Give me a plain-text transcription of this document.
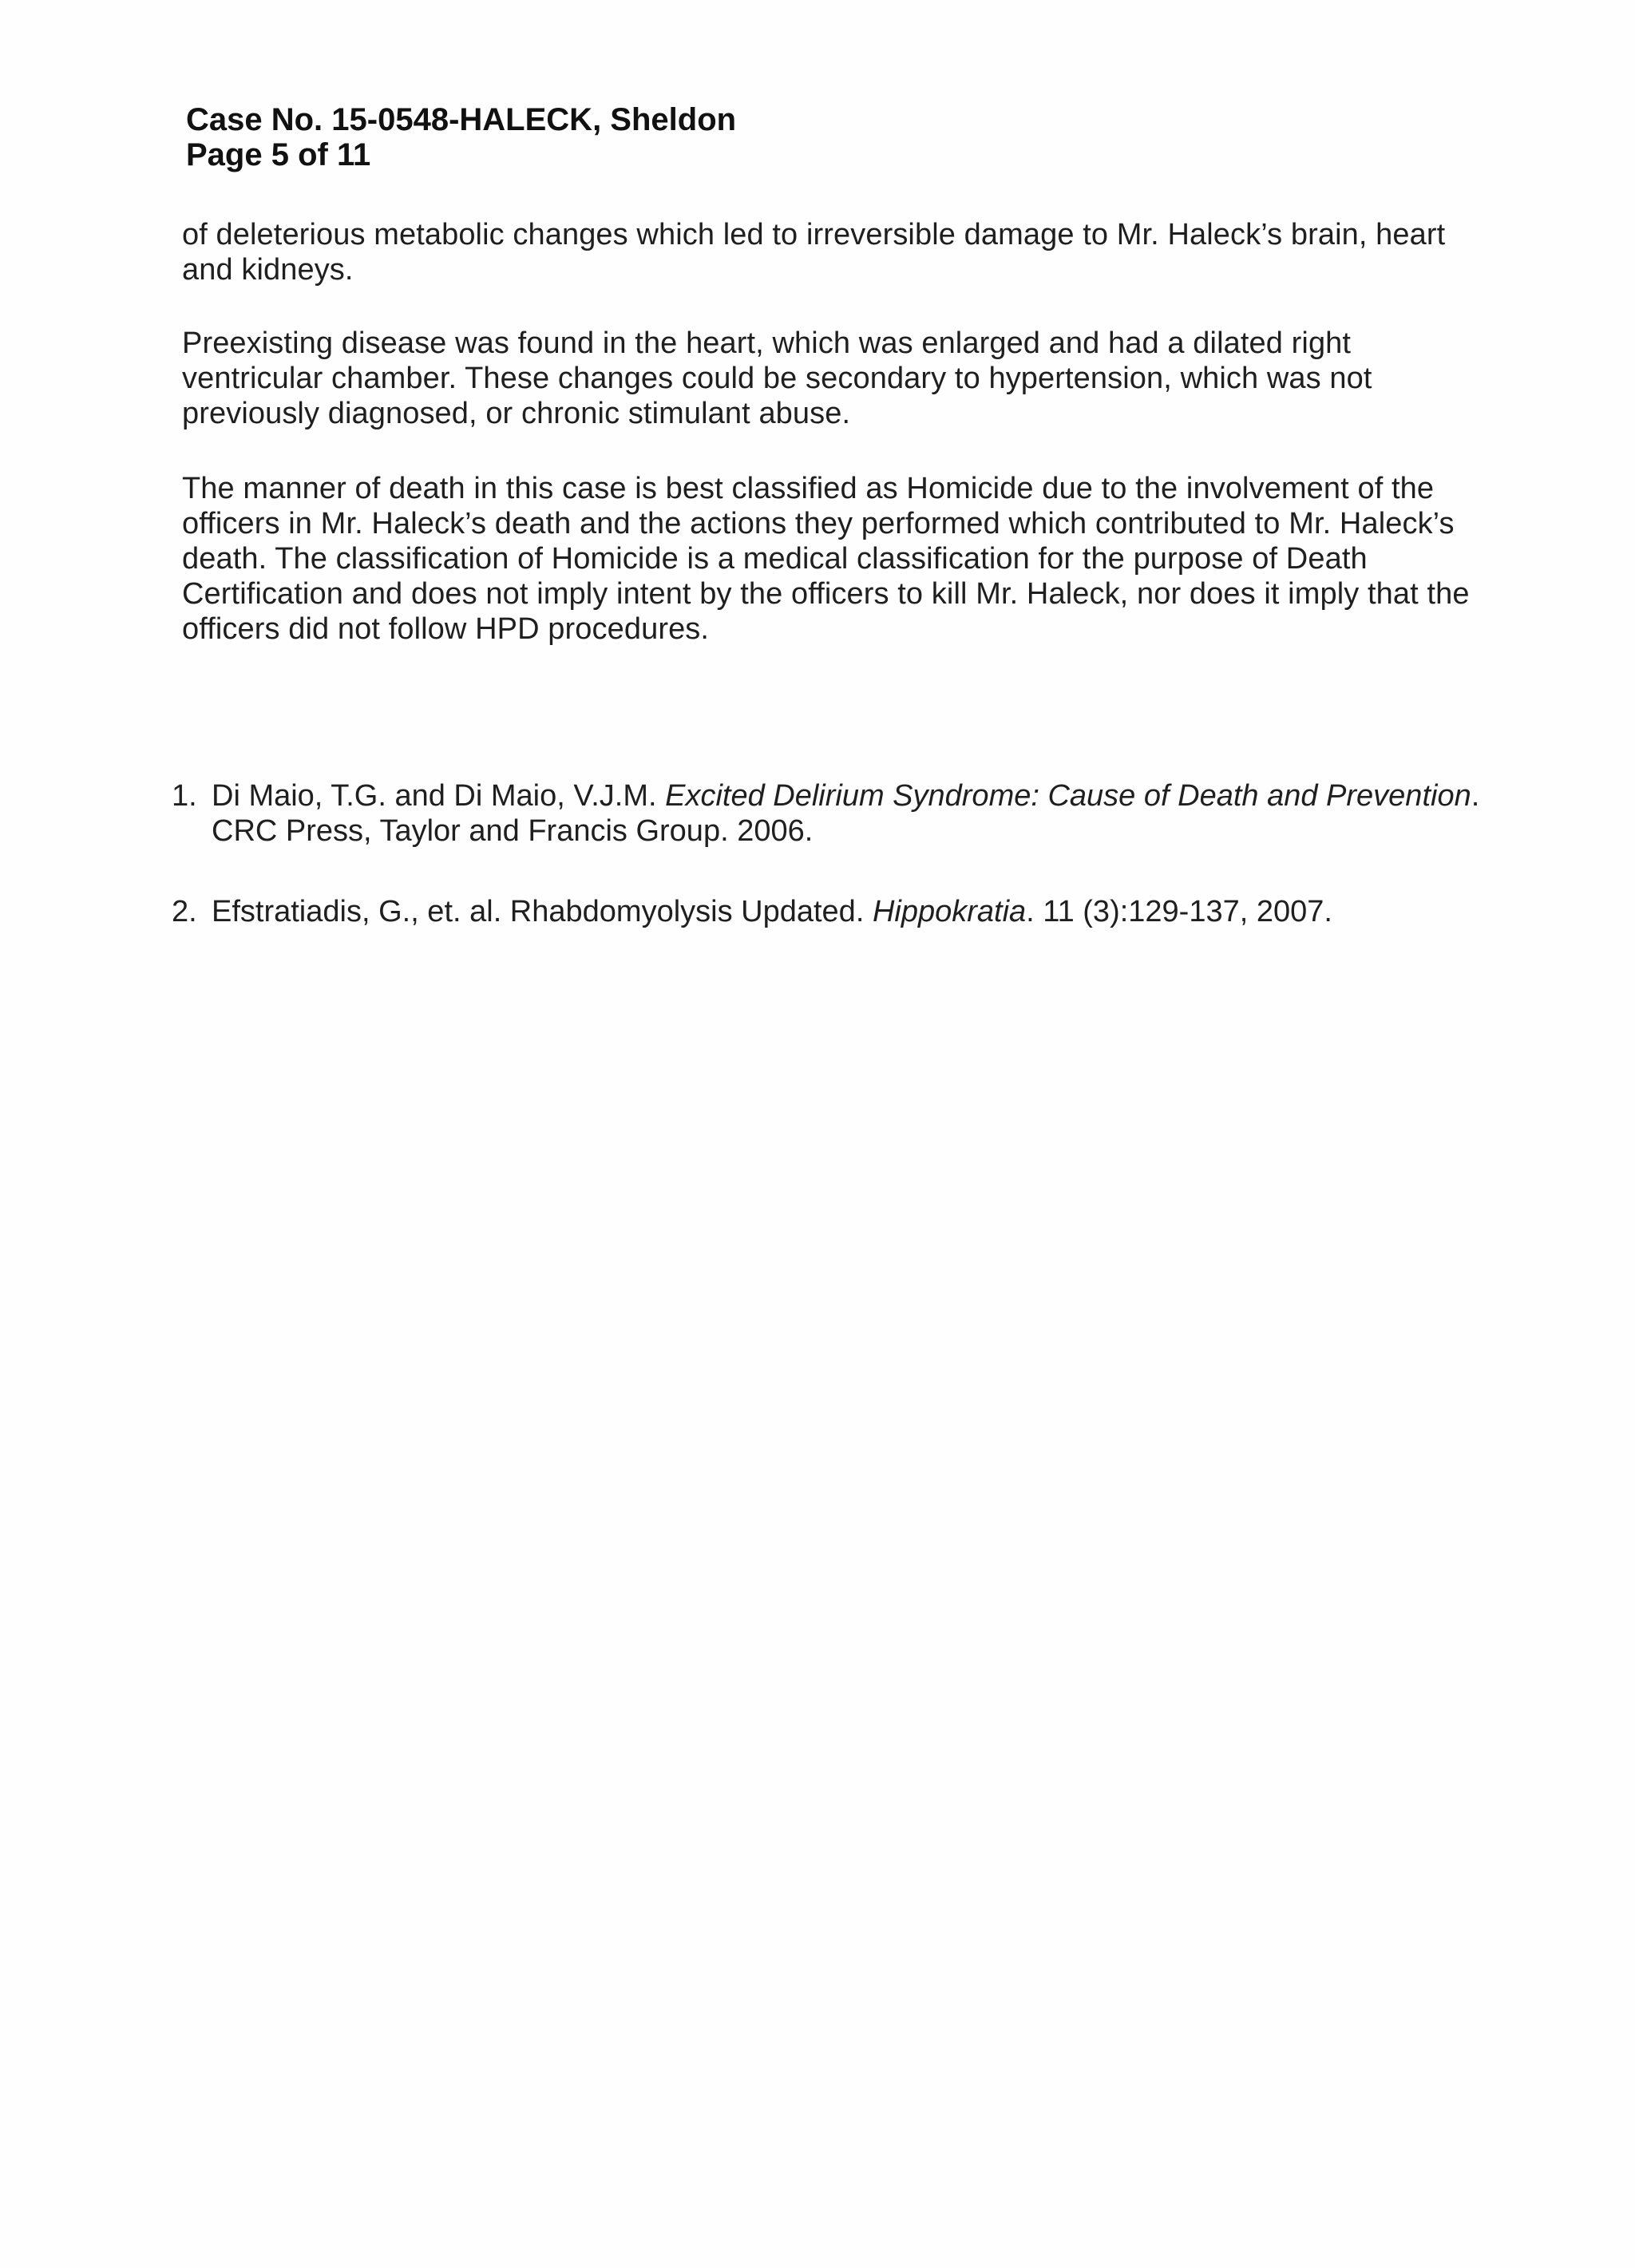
Case No. 15-0548-HALECK, Sheldon
Page 5 of 11

of deleterious metabolic changes which led to irreversible damage to Mr. Haleck’s brain, heart and kidneys.

Preexisting disease was found in the heart, which was enlarged and had a dilated right ventricular chamber. These changes could be secondary to hypertension, which was not previously diagnosed, or chronic stimulant abuse.

The manner of death in this case is best classified as Homicide due to the involvement of the officers in Mr. Haleck’s death and the actions they performed which contributed to Mr. Haleck’s death. The classification of Homicide is a medical classification for the purpose of Death Certification and does not imply intent by the officers to kill Mr. Haleck, nor does it imply that the officers did not follow HPD procedures.

1. Di Maio, T.G. and Di Maio, V.J.M. Excited Delirium Syndrome: Cause of Death and Prevention. CRC Press, Taylor and Francis Group. 2006.
2. Efstratiadis, G., et. al. Rhabdomyolysis Updated. Hippokratia. 11 (3):129-137, 2007.
